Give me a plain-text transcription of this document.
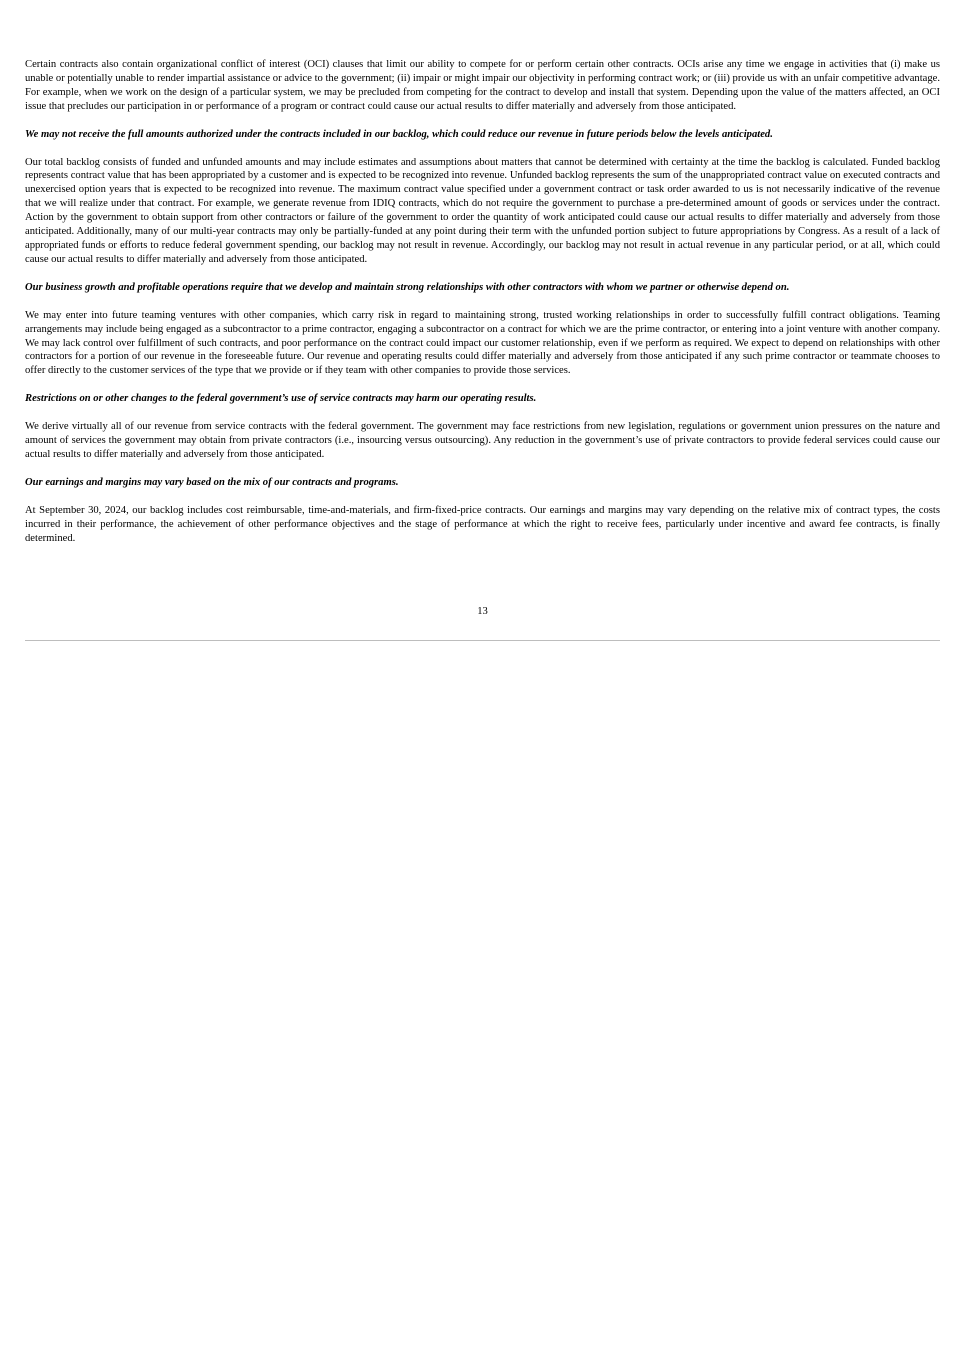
Certain contracts also contain organizational conflict of interest (OCI) clauses that limit our ability to compete for or perform certain other contracts. OCIs arise any time we engage in activities that (i) make us unable or potentially unable to render impartial assistance or advice to the government; (ii) impair or might impair our objectivity in performing contract work; or (iii) provide us with an unfair competitive advantage. For example, when we work on the design of a particular system, we may be precluded from competing for the contract to develop and install that system. Depending upon the value of the matters affected, an OCI issue that precludes our participation in or performance of a program or contract could cause our actual results to differ materially and adversely from those anticipated.

We may not receive the full amounts authorized under the contracts included in our backlog, which could reduce our revenue in future periods below the levels anticipated.

Our total backlog consists of funded and unfunded amounts and may include estimates and assumptions about matters that cannot be determined with certainty at the time the backlog is calculated. Funded backlog represents contract value that has been appropriated by a customer and is expected to be recognized into revenue. Unfunded backlog represents the sum of the unappropriated contract value on executed contracts and unexercised option years that is expected to be recognized into revenue. The maximum contract value specified under a government contract or task order awarded to us is not necessarily indicative of the revenue that we will realize under that contract. For example, we generate revenue from IDIQ contracts, which do not require the government to purchase a pre-determined amount of goods or services under the contract. Action by the government to obtain support from other contractors or failure of the government to order the quantity of work anticipated could cause our actual results to differ materially and adversely from those anticipated. Additionally, many of our multi-year contracts may only be partially-funded at any point during their term with the unfunded portion subject to future appropriations by Congress. As a result of a lack of appropriated funds or efforts to reduce federal government spending, our backlog may not result in revenue. Accordingly, our backlog may not result in actual revenue in any particular period, or at all, which could cause our actual results to differ materially and adversely from those anticipated.

Our business growth and profitable operations require that we develop and maintain strong relationships with other contractors with whom we partner or otherwise depend on.

We may enter into future teaming ventures with other companies, which carry risk in regard to maintaining strong, trusted working relationships in order to successfully fulfill contract obligations. Teaming arrangements may include being engaged as a subcontractor to a prime contractor, engaging a subcontractor on a contract for which we are the prime contractor, or entering into a joint venture with another company. We may lack control over fulfillment of such contracts, and poor performance on the contract could impact our customer relationship, even if we perform as required. We expect to depend on relationships with other contractors for a portion of our revenue in the foreseeable future. Our revenue and operating results could differ materially and adversely from those anticipated if any such prime contractor or teammate chooses to offer directly to the customer services of the type that we provide or if they team with other companies to provide those services.

Restrictions on or other changes to the federal government’s use of service contracts may harm our operating results.

We derive virtually all of our revenue from service contracts with the federal government. The government may face restrictions from new legislation, regulations or government union pressures on the nature and amount of services the government may obtain from private contractors (i.e., insourcing versus outsourcing). Any reduction in the government’s use of private contractors to provide federal services could cause our actual results to differ materially and adversely from those anticipated.

Our earnings and margins may vary based on the mix of our contracts and programs.

At September 30, 2024, our backlog includes cost reimbursable, time-and-materials, and firm-fixed-price contracts. Our earnings and margins may vary depending on the relative mix of contract types, the costs incurred in their performance, the achievement of other performance objectives and the stage of performance at which the right to receive fees, particularly under incentive and award fee contracts, is finally determined.

13
